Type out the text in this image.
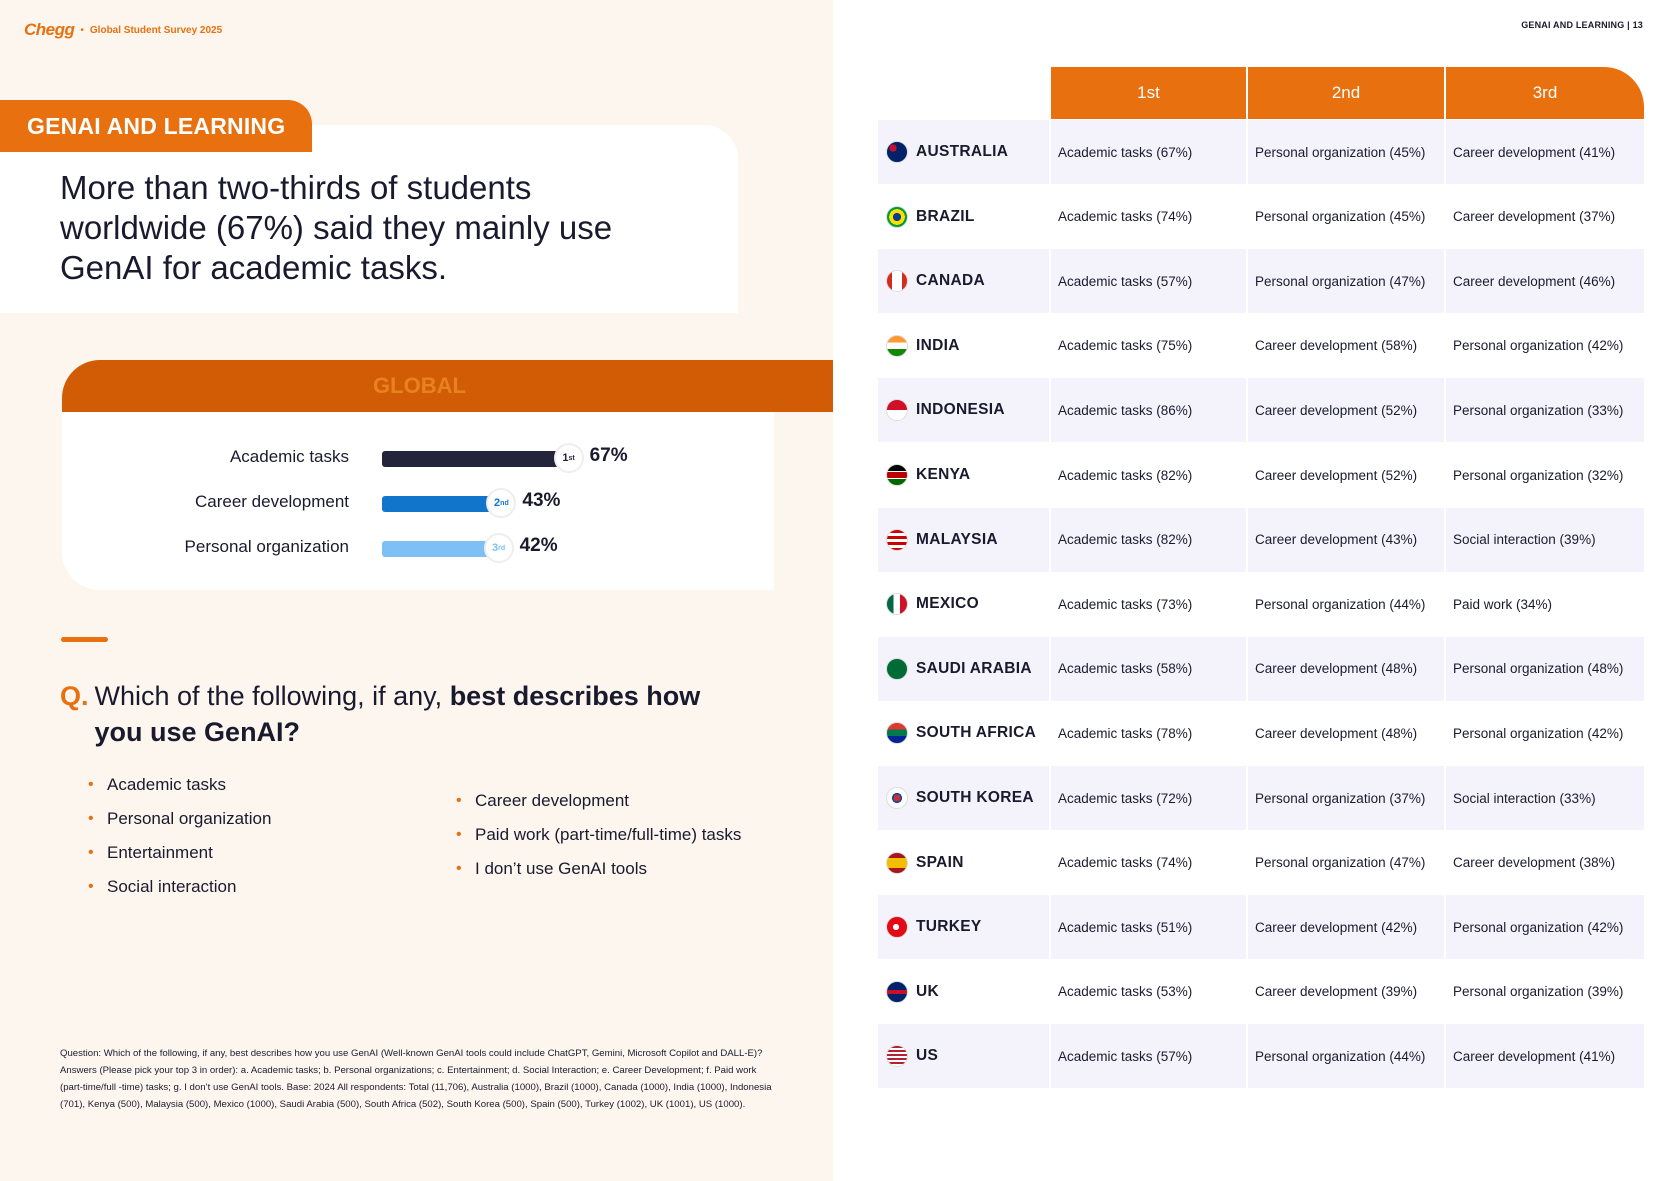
Chegg • Global Student Survey 2025
GENAI AND LEARNING
More than two-thirds of students worldwide (67%) said they mainly use GenAI for academic tasks.
GLOBAL
Academic tasks	1 st 67%
Career development	2 nd 43%
Personal organization	3 rd 42%
Q. Which of the following, if any, best describes how you use GenAI?
• Academic tasks
• Personal organization
• Entertainment
• Social interaction
• Career development
• Paid work (part-time/full-time) tasks
• I don’t use GenAI tools

Question: Which of the following, if any, best describes how you use GenAI (Well-known GenAI tools could include ChatGPT, Gemini, Microsoft Copilot and DALL-E)? Answers (Please pick your top 3 in order): a. Academic tasks; b. Personal organizations; c. Entertainment; d. Social Interaction; e. Career Development; f. Paid work (part-time/full -time) tasks; g. I don’t use GenAI tools. Base: 2024 All respondents: Total (11,706), Australia (1000), Brazil (1000), Canada (1000), India (1000), Indonesia (701), Kenya (500), Malaysia (500), Mexico (1000), Saudi Arabia (500), South Africa (502), South Korea (500), Spain (500), Turkey (1002), UK (1001), US (1000).

GENAI AND LEARNING | 13
1st	2nd	3rd
AUSTRALIA	Academic tasks (67%)	Personal organization (45%)	Career development (41%)
BRAZIL	Academic tasks (74%)	Personal organization (45%)	Career development (37%)
CANADA	Academic tasks (57%)	Personal organization (47%)	Career development (46%)
INDIA	Academic tasks (75%)	Career development (58%)	Personal organization (42%)
INDONESIA	Academic tasks (86%)	Career development (52%)	Personal organization (33%)
KENYA	Academic tasks (82%)	Career development (52%)	Personal organization (32%)
MALAYSIA	Academic tasks (82%)	Career development (43%)	Social interaction (39%)
MEXICO	Academic tasks (73%)	Personal organization (44%)	Paid work (34%)
SAUDI ARABIA	Academic tasks (58%)	Career development (48%)	Personal organization (48%)
SOUTH AFRICA	Academic tasks (78%)	Career development (48%)	Personal organization (42%)
SOUTH KOREA	Academic tasks (72%)	Personal organization (37%)	Social interaction (33%)
SPAIN	Academic tasks (74%)	Personal organization (47%)	Career development (38%)
TURKEY	Academic tasks (51%)	Career development (42%)	Personal organization (42%)
UK	Academic tasks (53%)	Career development (39%)	Personal organization (39%)
US	Academic tasks (57%)	Personal organization (44%)	Career development (41%)
